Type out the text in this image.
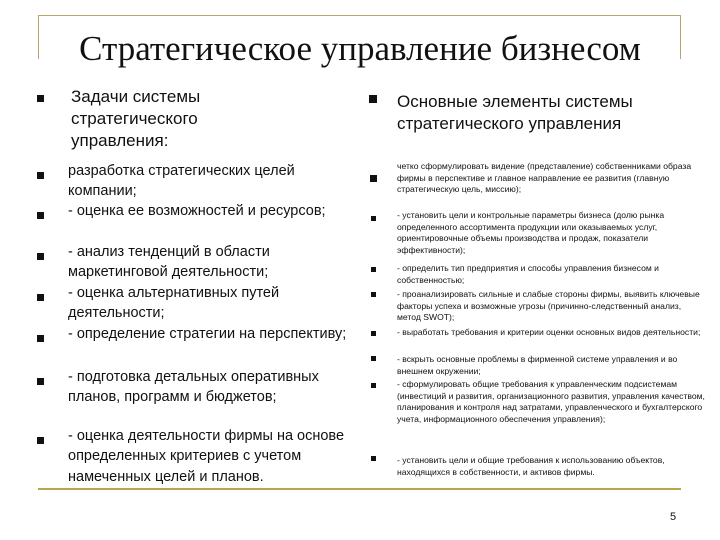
Стратегическое управление бизнесом
Задачи системы стратегического управления:
разработка стратегических целей компании;
- оценка ее возможностей и ресурсов;
- анализ тенденций в области маркетинговой деятельности;
- оценка альтернативных путей деятельности;
- определение стратегии на перспективу;
- подготовка детальных оперативных планов, программ и бюджетов;
- оценка деятельности фирмы на основе определенных критериев с учетом намеченных целей и планов.
Основные элементы системы стратегического управления
четко сформулировать видение (представление) собственниками образа фирмы в перспективе и главное направление ее развития (главную стратегическую цель, миссию);
- установить цели и контрольные параметры бизнеса (долю рынка определенного ассортимента продукции или оказываемых услуг, ориентировочные объемы производства и продаж, показатели эффективности);
- определить тип предприятия и способы управления бизнесом и собственностью;
- проанализировать сильные и слабые стороны фирмы, выявить ключевые факторы успеха и возможные угрозы (причинно-следственный анализ, метод SWOT);
- выработать требования и критерии оценки основных видов деятельности;
- вскрыть основные проблемы в фирменной системе управления и во внешнем окружении;
- сформулировать общие требования к управленческим подсистемам (инвестиций и развития, организационного развития, управления качеством, планирования и контроля над затратами, управленческого и бухгалтерского учета, информационного обеспечения управления);
- установить цели и общие требования к использованию объектов, находящихся в собственности, и активов фирмы.
5
